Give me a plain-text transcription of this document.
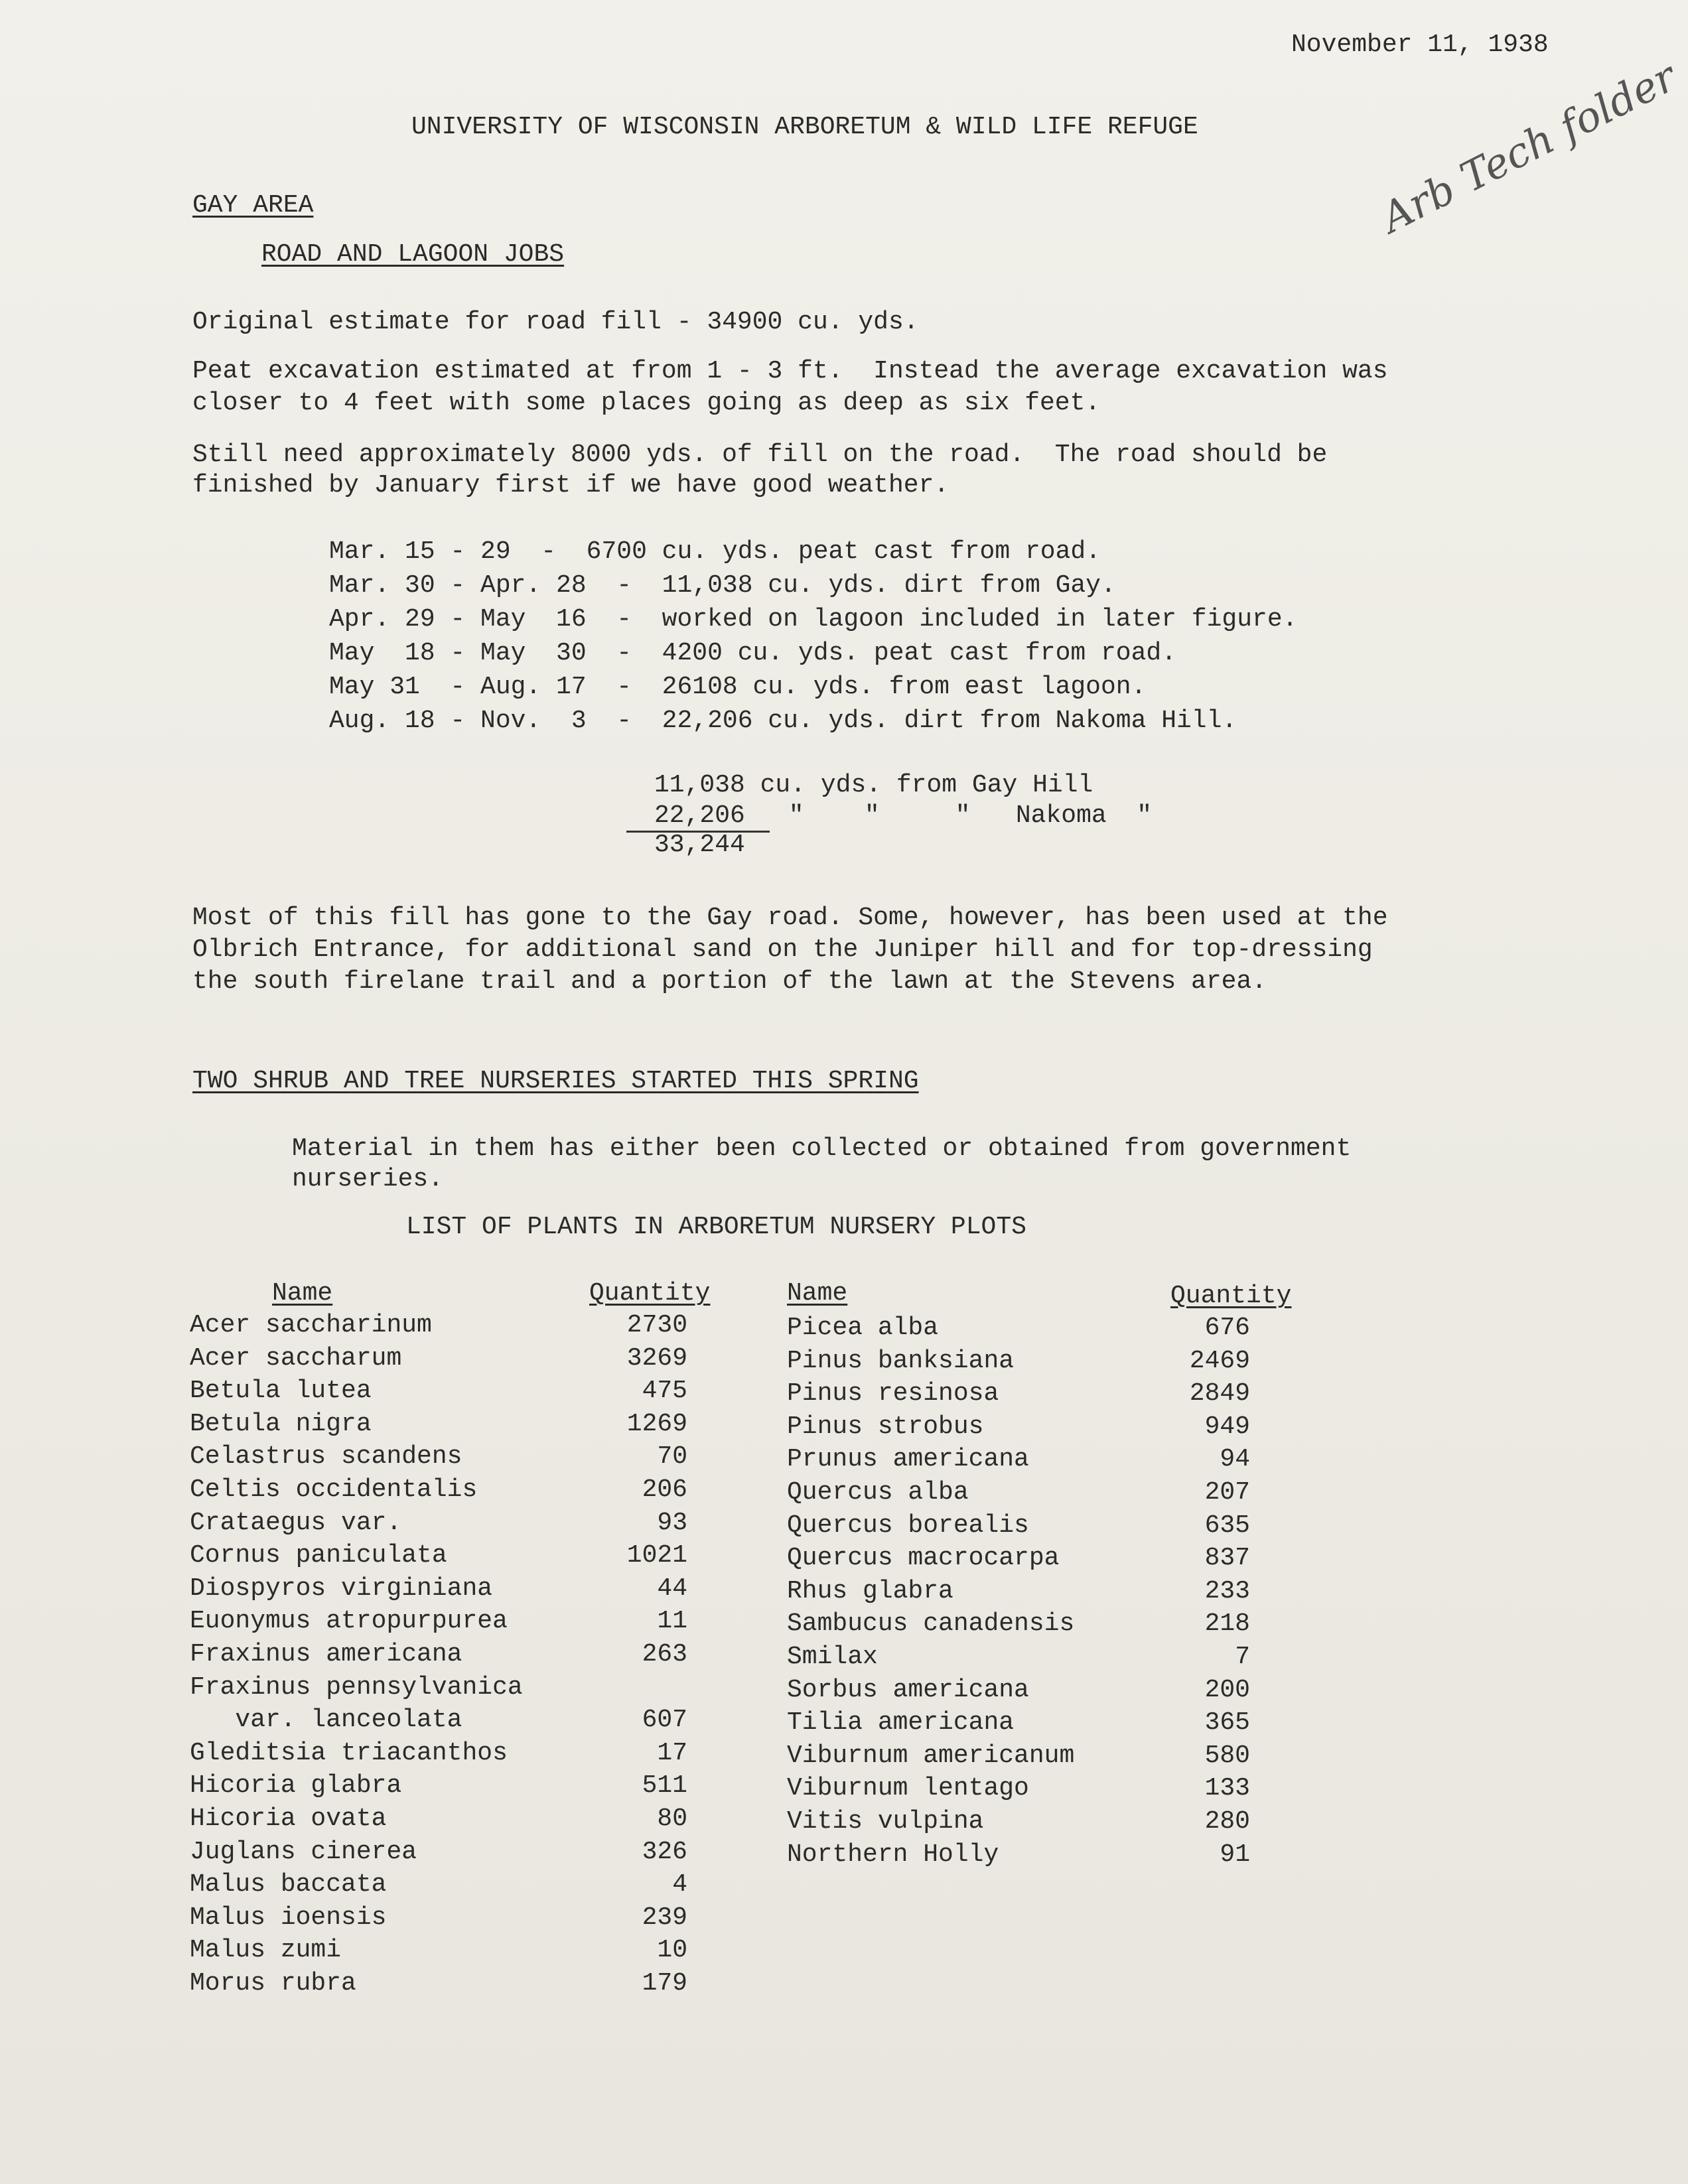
November 11, 1938
UNIVERSITY OF WISCONSIN ARBORETUM & WILD LIFE REFUGE	Arb Tech folder
GAY AREA
ROAD AND LAGOON JOBS
Original estimate for road fill - 34900 cu. yds.
Peat excavation estimated at from 1 - 3 ft.  Instead the average excavation was
closer to 4 feet with some places going as deep as six feet.
Still need approximately 8000 yds. of fill on the road.  The road should be
finished by January first if we have good weather.
Mar. 15 - 29  -  6700 cu. yds. peat cast from road.
Mar. 30 - Apr. 28  -  11,038 cu. yds. dirt from Gay.
Apr. 29 - May  16  -  worked on lagoon included in later figure.
May  18 - May  30  -  4200 cu. yds. peat cast from road.
May 31  - Aug. 17  -  26108 cu. yds. from east lagoon.
Aug. 18 - Nov.  3  -  22,206 cu. yds. dirt from Nakoma Hill.
11,038 cu. yds. from Gay Hill
22,206 "    "     "   Nakoma  "
33,244
Most of this fill has gone to the Gay road. Some, however, has been used at the
Olbrich Entrance, for additional sand on the Juniper hill and for top-dressing
the south firelane trail and a portion of the lawn at the Stevens area.
TWO SHRUB AND TREE NURSERIES STARTED THIS SPRING
Material in them has either been collected or obtained from government
nurseries.
LIST OF PLANTS IN ARBORETUM NURSERY PLOTS
Name	Quantity	Name	Quantity
Acer saccharinum	2730
Acer saccharum	3269
Betula lutea	475
Betula nigra	1269
Celastrus scandens	70
Celtis occidentalis	206
Crataegus var.	93
Cornus paniculata	1021
Diospyros virginiana	44
Euonymus atropurpurea	11
Fraxinus americana	263
Fraxinus pennsylvanica
var. lanceolata	607
Gleditsia triacanthos	17
Hicoria glabra	511
Hicoria ovata	80
Juglans cinerea	326
Malus baccata	4
Malus ioensis	239
Malus zumi	10
Morus rubra	179
Picea alba	676
Pinus banksiana	2469
Pinus resinosa	2849
Pinus strobus	949
Prunus americana	94
Quercus alba	207
Quercus borealis	635
Quercus macrocarpa	837
Rhus glabra	233
Sambucus canadensis	218
Smilax	7
Sorbus americana	200
Tilia americana	365
Viburnum americanum	580
Viburnum lentago	133
Vitis vulpina	280
Northern Holly	91
